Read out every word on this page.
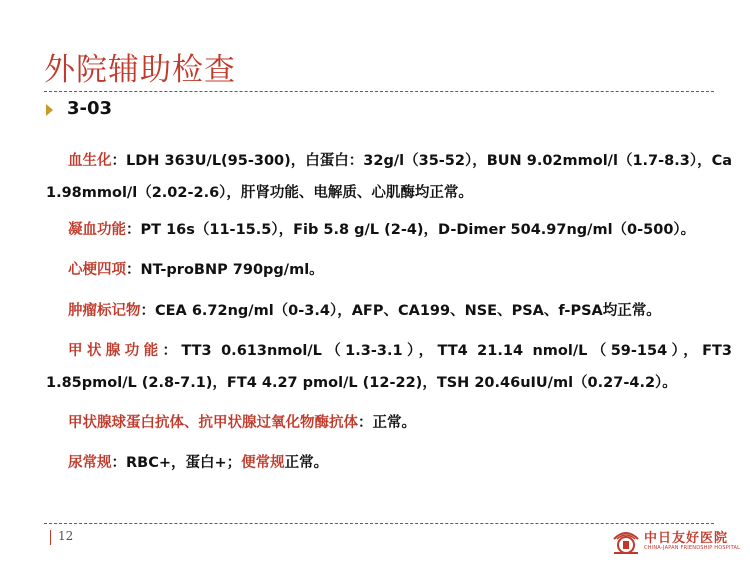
外院辅助检查
3-03

血生化：LDH 363U/L(95-300)，白蛋白：32g/l（35-52），BUN 9.02mmol/l（1.7-8.3），Ca 1.98mmol/l（2.02-2.6），肝肾功能、电解质、心肌酶均正常。

凝血功能：PT 16s（11-15.5），Fib 5.8 g/L (2-4)，D-Dimer 504.97ng/ml（0-500）。

心梗四项：NT-proBNP 790pg/ml。

肿瘤标记物：CEA 6.72ng/ml（0-3.4），AFP、CA199、NSE、PSA、f-PSA均正常。

甲状腺功能：TT3 0.613nmol/L（1.3-3.1），TT4 21.14 nmol/L（59-154），FT3 1.85pmol/L (2.8-7.1)，FT4 4.27 pmol/L (12-22)，TSH 20.46uIU/ml（0.27-4.2）。

甲状腺球蛋白抗体、抗甲状腺过氧化物酶抗体：正常。

尿常规：RBC+，蛋白+；便常规正常。

12	中日友好医院
CHINA-JAPAN FRIENDSHIP HOSPITAL
